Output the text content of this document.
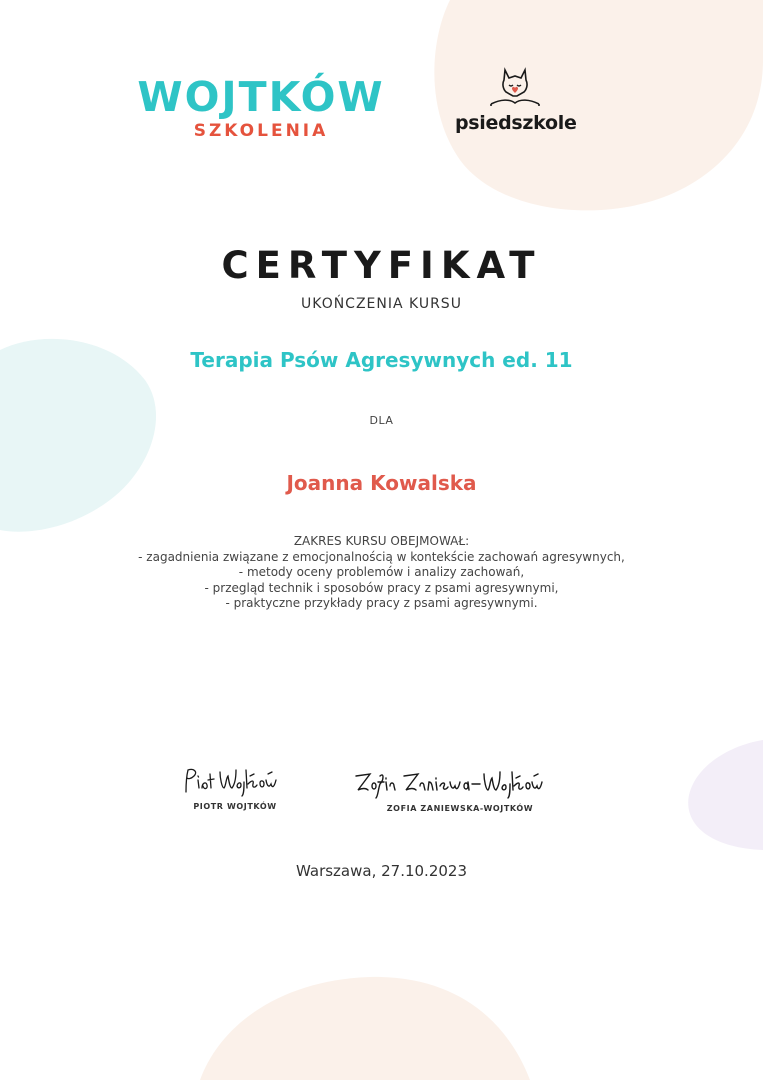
WOJTKÓW
SZKOLENIA	psiedszkole
CERTYFIKAT
UKOŃCZENIA KURSU
Terapia Psów Agresywnych ed. 11
DLA
Joanna Kowalska
ZAKRES KURSU OBEJMOWAŁ:
- zagadnienia związane z emocjonalnością w kontekście zachowań agresywnych,
- metody oceny problemów i analizy zachowań,
- przegląd technik i sposobów pracy z psami agresywnymi,
- praktyczne przykłady pracy z psami agresywnymi.
PIOTR WOJTKÓW	ZOFIA ZANIEWSKA-WOJTKÓW
Warszawa, 27.10.2023
